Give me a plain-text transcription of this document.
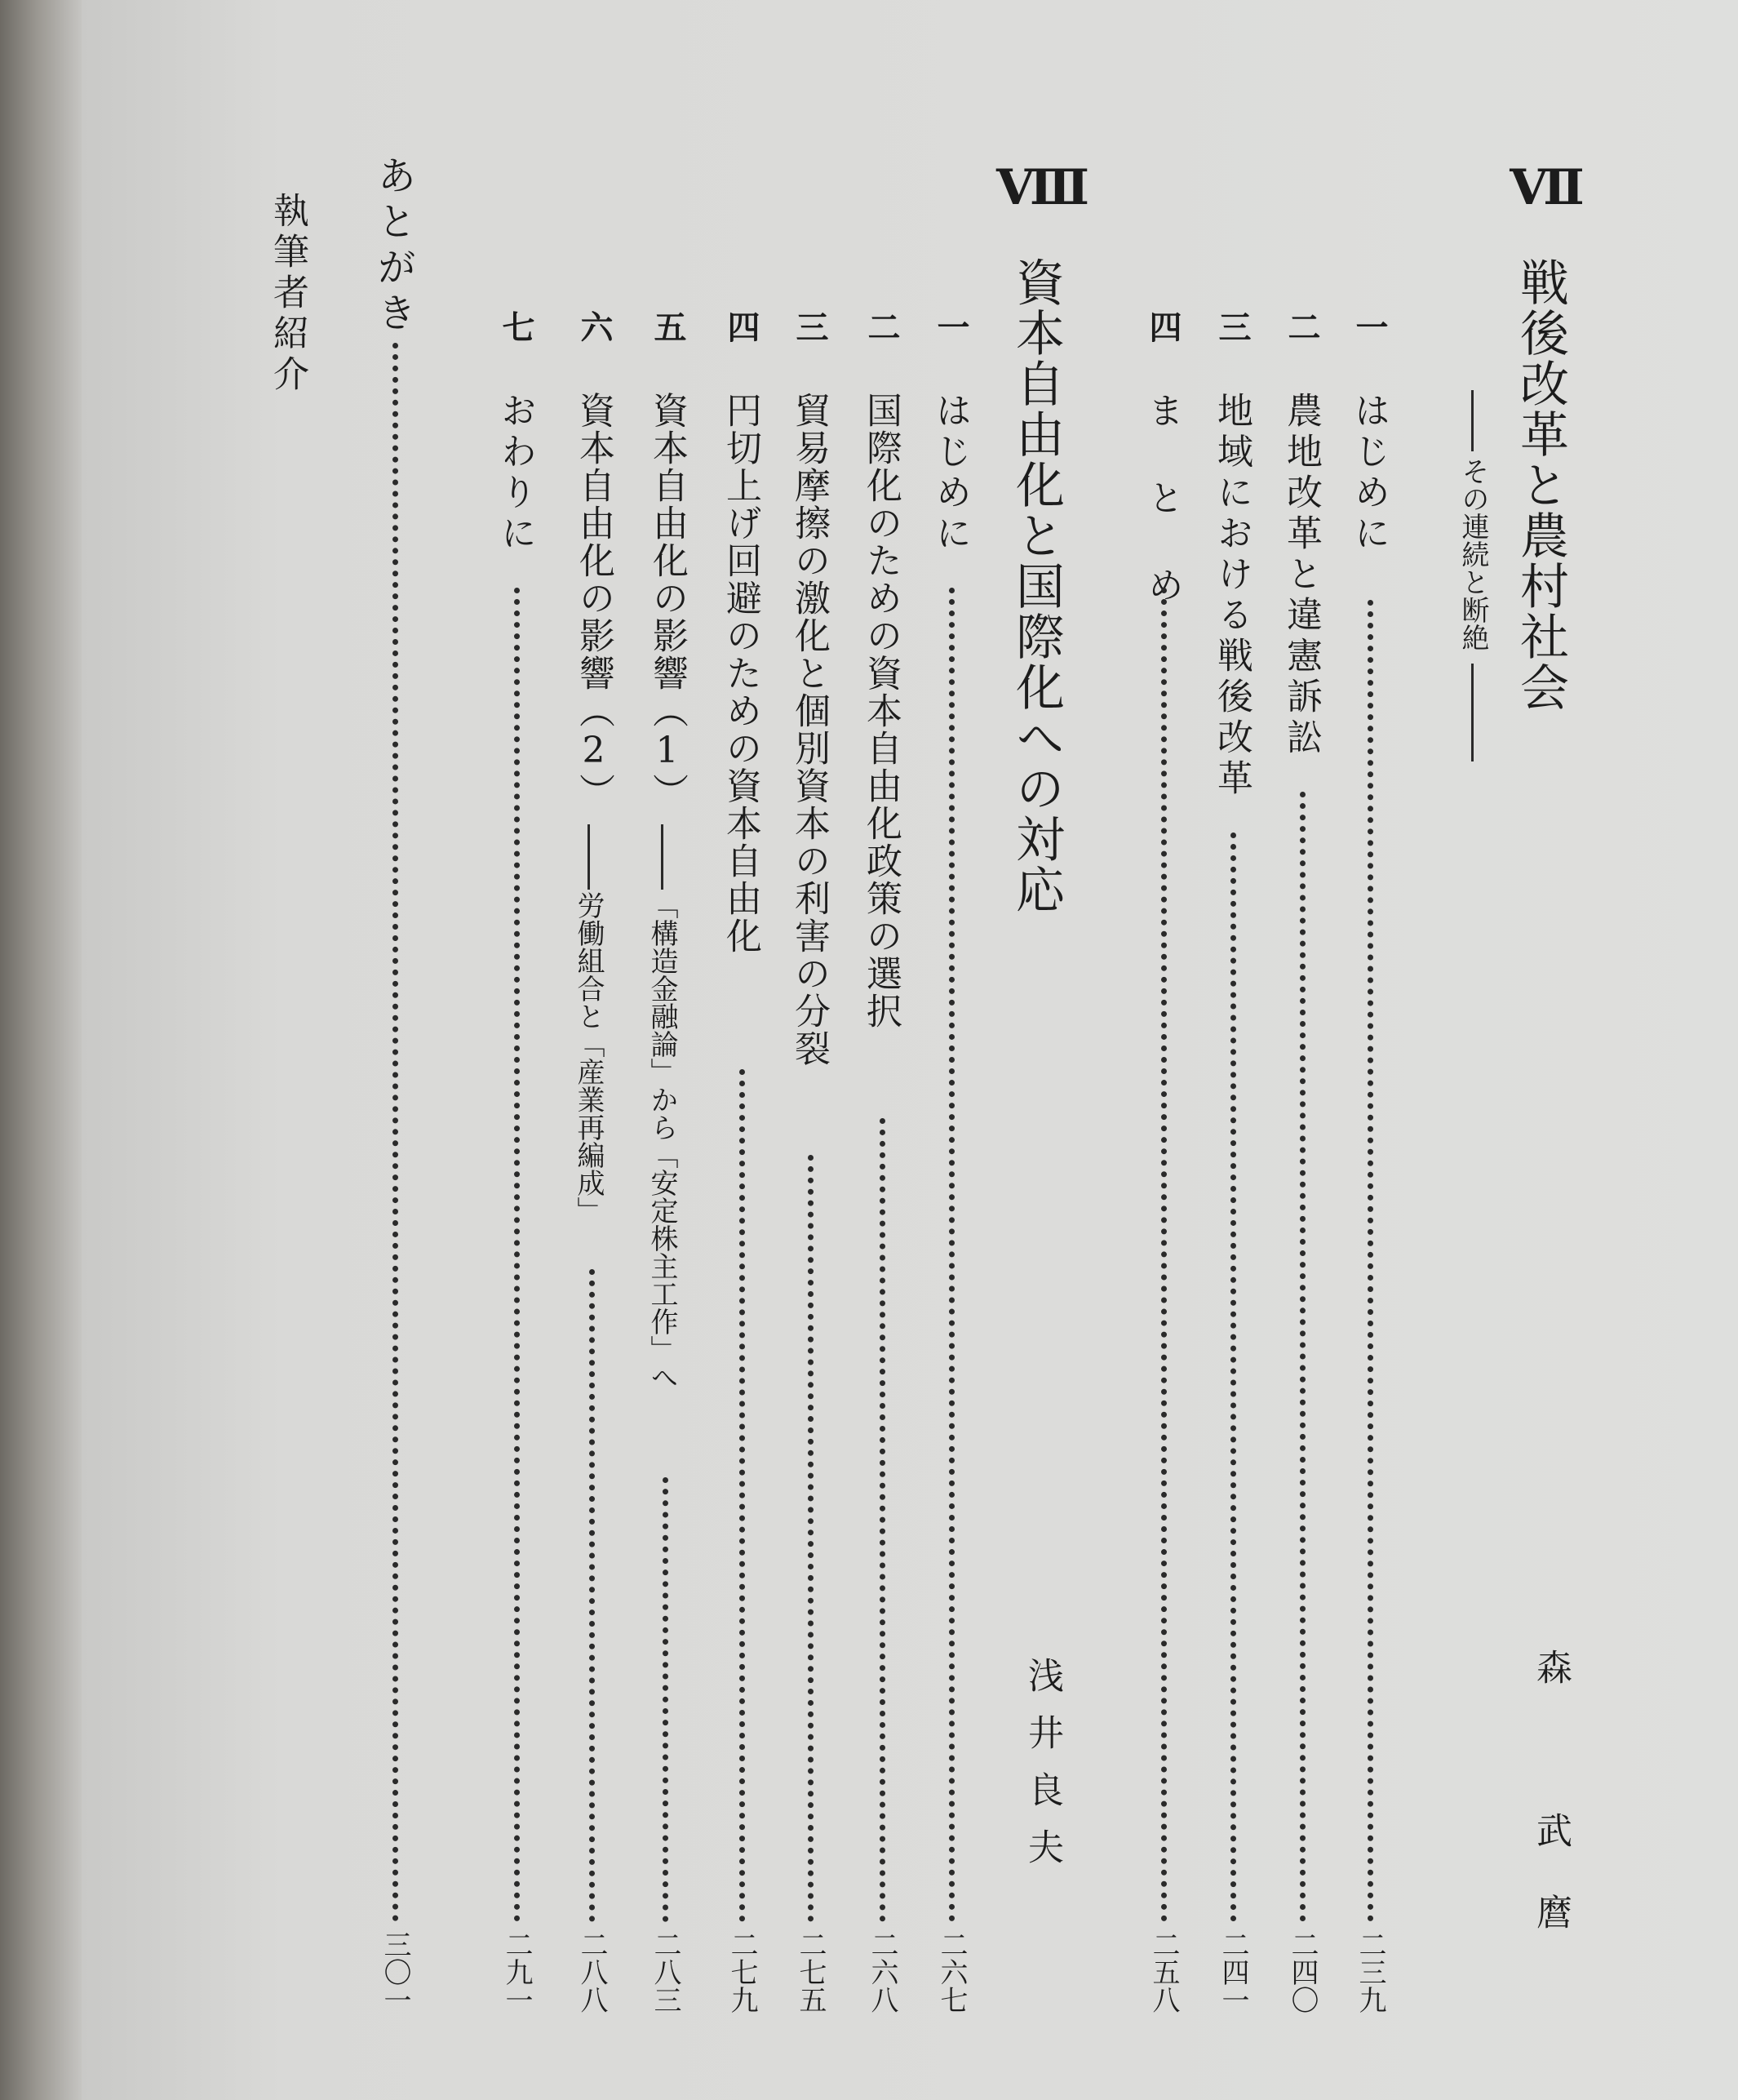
Ⅶ
戦後改革と農村社会
その連続と断絶
森　武麿
一
はじめに
二三九
二
農地改革と違憲訴訟
二四〇
三
地域における戦後改革
二四一
四
ま と め
二五八
Ⅷ
資本自由化と国際化への対応
浅井良夫
一
はじめに
二六七
二
国際化のための資本自由化政策の選択
二六八
三
貿易摩擦の激化と個別資本の利害の分裂
二七五
四
円切上げ回避のための資本自由化
二七九
五
資本自由化の影響（1）
「構造金融論」から「安定株主工作」へ
二八三
六
資本自由化の影響（2）
労働組合と「産業再編成」
二八八
七
おわりに
二九一
あとがき
三〇一
執筆者紹介
